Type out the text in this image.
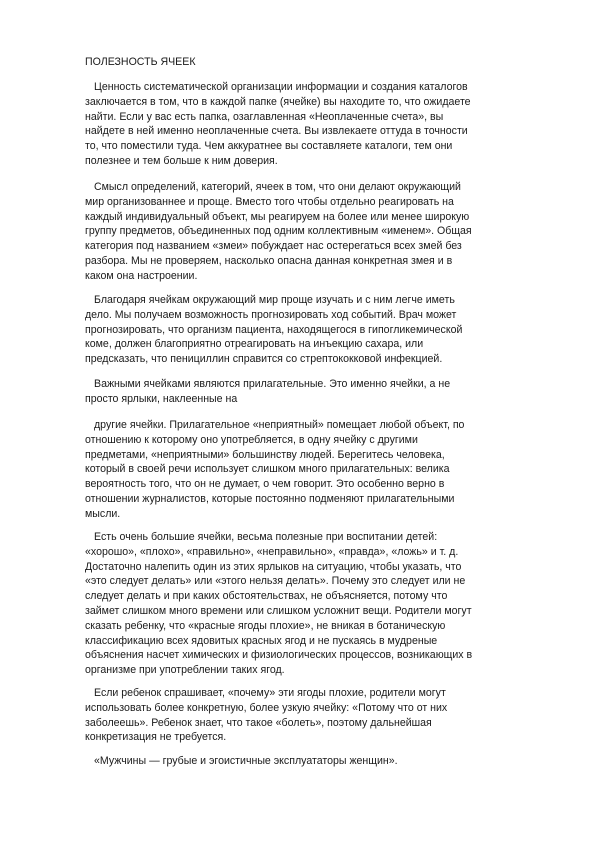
ПОЛЕЗНОСТЬ ЯЧЕЕК
Ценность систематической организации информации и создания каталогов
заключается в том, что в каждой папке (ячейке) вы находите то, что ожидаете
найти. Если у вас есть папка, озаглавленная «Неоплаченные счета», вы
найдете в ней именно неоплаченные счета. Вы извлекаете оттуда в точности
то, что поместили туда. Чем аккуратнее вы составляете каталоги, тем они
полезнее и тем больше к ним доверия.
Смысл определений, категорий, ячеек в том, что они делают окружающий
мир организованнее и проще. Вместо того чтобы отдельно реагировать на
каждый индивидуальный объект, мы реагируем на более или менее широкую
группу предметов, объединенных под одним коллективным «именем». Общая
категория под названием «змеи» побуждает нас остерегаться всех змей без
разбора. Мы не проверяем, насколько опасна данная конкретная змея и в
каком она настроении.
Благодаря ячейкам окружающий мир проще изучать и с ним легче иметь
дело. Мы получаем возможность прогнозировать ход событий. Врач может
прогнозировать, что организм пациента, находящегося в гипогликемической
коме, должен благоприятно отреагировать на инъекцию сахара, или
предсказать, что пенициллин справится со стрептококковой инфекцией.
Важными ячейками являются прилагательные. Это именно ячейки, а не
просто ярлыки, наклеенные на
другие ячейки. Прилагательное «неприятный» помещает любой объект, по
отношению к которому оно употребляется, в одну ячейку с другими
предметами, «неприятными» большинству людей. Берегитесь человека,
который в своей речи использует слишком много прилагательных: велика
вероятность того, что он не думает, о чем говорит. Это особенно верно в
отношении журналистов, которые постоянно подменяют прилагательными
мысли.
Есть очень большие ячейки, весьма полезные при воспитании детей:
«хорошо», «плохо», «правильно», «неправильно», «правда», «ложь» и т. д.
Достаточно налепить один из этих ярлыков на ситуацию, чтобы указать, что
«это следует делать» или «этого нельзя делать». Почему это следует или не
следует делать и при каких обстоятельствах, не объясняется, потому что
займет слишком много времени или слишком усложнит вещи. Родители могут
сказать ребенку, что «красные ягоды плохие», не вникая в ботаническую
классификацию всех ядовитых красных ягод и не пускаясь в мудреные
объяснения насчет химических и физиологических процессов, возникающих в
организме при употреблении таких ягод.
Если ребенок спрашивает, «почему» эти ягоды плохие, родители могут
использовать более конкретную, более узкую ячейку: «Потому что от них
заболеешь». Ребенок знает, что такое «болеть», поэтому дальнейшая
конкретизация не требуется.
«Мужчины — грубые и эгоистичные эксплуататоры женщин».
